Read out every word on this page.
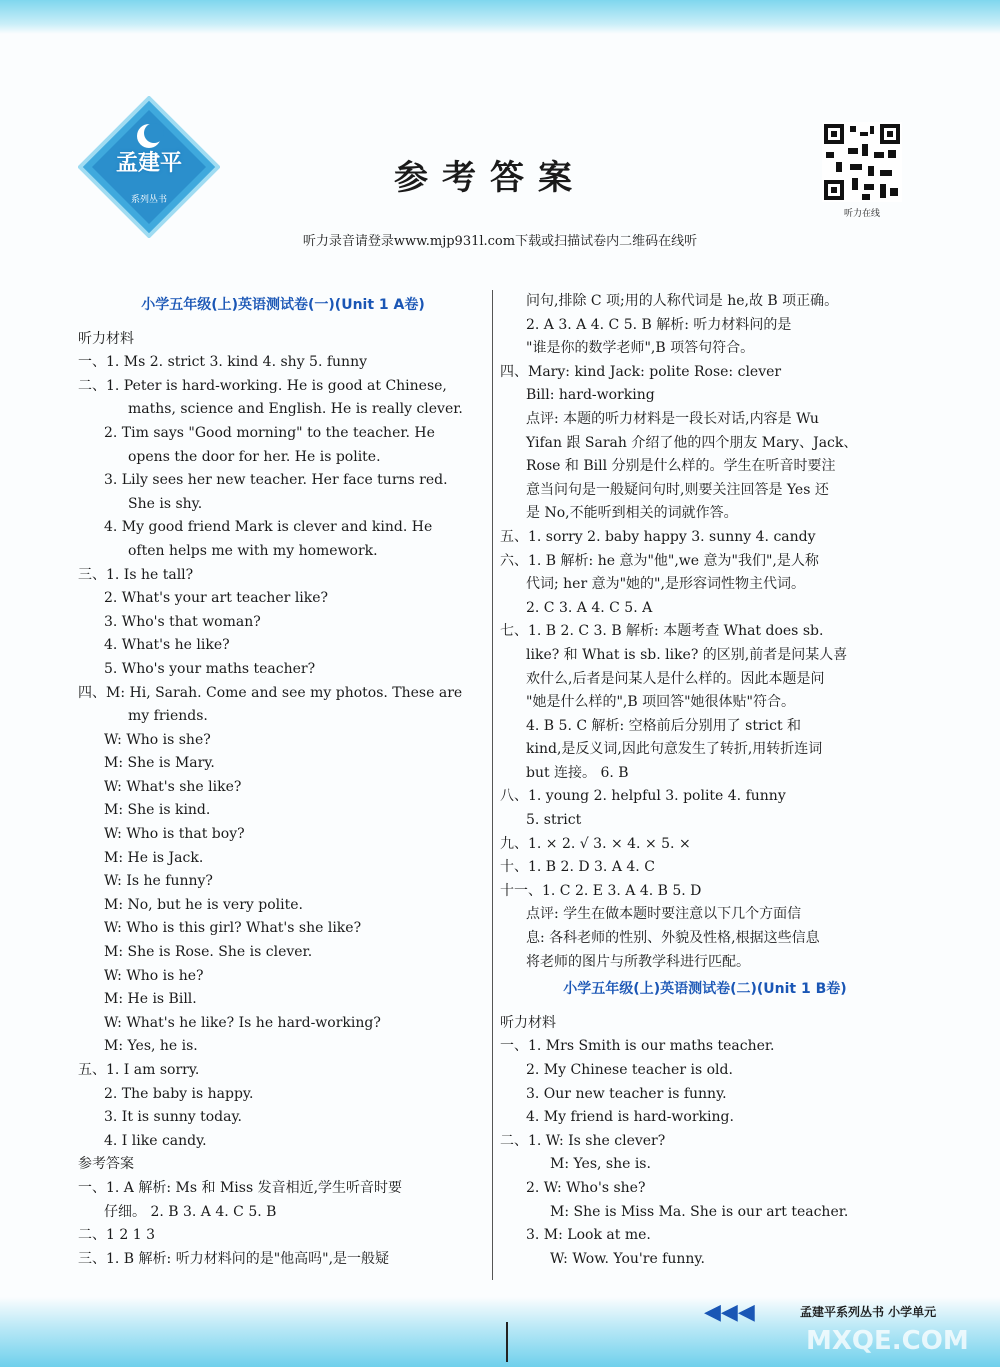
孟建平
系列丛书
参考答案
听力在线
听力录音请登录www.mjp931l.com下载或扫描试卷内二维码在线听
小学五年级(上)英语测试卷(一)(Unit 1 A卷)
听力材料
一、1. Ms 2. strict 3. kind 4. shy 5. funny
二、1. Peter is hard-working. He is good at Chinese,
maths, science and English. He is really clever.
2. Tim says "Good morning" to the teacher. He
opens the door for her. He is polite.
3. Lily sees her new teacher. Her face turns red.
She is shy.
4. My good friend Mark is clever and kind. He
often helps me with my homework.
三、1. Is he tall?
2. What's your art teacher like?
3. Who's that woman?
4. What's he like?
5. Who's your maths teacher?
四、M: Hi, Sarah. Come and see my photos. These are
my friends.
W: Who is she?
M: She is Mary.
W: What's she like?
M: She is kind.
W: Who is that boy?
M: He is Jack.
W: Is he funny?
M: No, but he is very polite.
W: Who is this girl? What's she like?
M: She is Rose. She is clever.
W: Who is he?
M: He is Bill.
W: What's he like? Is he hard-working?
M: Yes, he is.
五、1. I am sorry.
2. The baby is happy.
3. It is sunny today.
4. I like candy.
参考答案
一、1. A 解析: Ms 和 Miss 发音相近,学生听音时要
仔细。 2. B 3. A 4. C 5. B
二、1 2 1 3
三、1. B 解析: 听力材料问的是"他高吗",是一般疑
问句,排除 C 项;用的人称代词是 he,故 B 项正确。
2. A 3. A 4. C 5. B 解析: 听力材料问的是
"谁是你的数学老师",B 项答句符合。
四、Mary: kind Jack: polite Rose: clever
Bill: hard-working
点评: 本题的听力材料是一段长对话,内容是 Wu
Yifan 跟 Sarah 介绍了他的四个朋友 Mary、Jack、
Rose 和 Bill 分别是什么样的。学生在听音时要注
意当问句是一般疑问句时,则要关注回答是 Yes 还
是 No,不能听到相关的词就作答。
五、1. sorry 2. baby happy 3. sunny 4. candy
六、1. B 解析: he 意为"他",we 意为"我们",是人称
代词; her 意为"她的",是形容词性物主代词。
2. C 3. A 4. C 5. A
七、1. B 2. C 3. B 解析: 本题考查 What does sb.
like? 和 What is sb. like? 的区别,前者是问某人喜
欢什么,后者是问某人是什么样的。因此本题是问
"她是什么样的",B 项回答"她很体贴"符合。
4. B 5. C 解析: 空格前后分别用了 strict 和
kind,是反义词,因此句意发生了转折,用转折连词
but 连接。 6. B
八、1. young 2. helpful 3. polite 4. funny
5. strict
九、1. × 2. √ 3. × 4. × 5. ×
十、1. B 2. D 3. A 4. C
十一、1. C 2. E 3. A 4. B 5. D
点评: 学生在做本题时要注意以下几个方面信
息: 各科老师的性别、外貌及性格,根据这些信息
将老师的图片与所教学科进行匹配。
小学五年级(上)英语测试卷(二)(Unit 1 B卷)
听力材料
一、1. Mrs Smith is our maths teacher.
2. My Chinese teacher is old.
3. Our new teacher is funny.
4. My friend is hard-working.
二、1. W: Is she clever?
M: Yes, she is.
2. W: Who's she?
M: She is Miss Ma. She is our art teacher.
3. M: Look at me.
W: Wow. You're funny.
◀◀◀	孟建平系列丛书 小学单元
MXQE.COM
